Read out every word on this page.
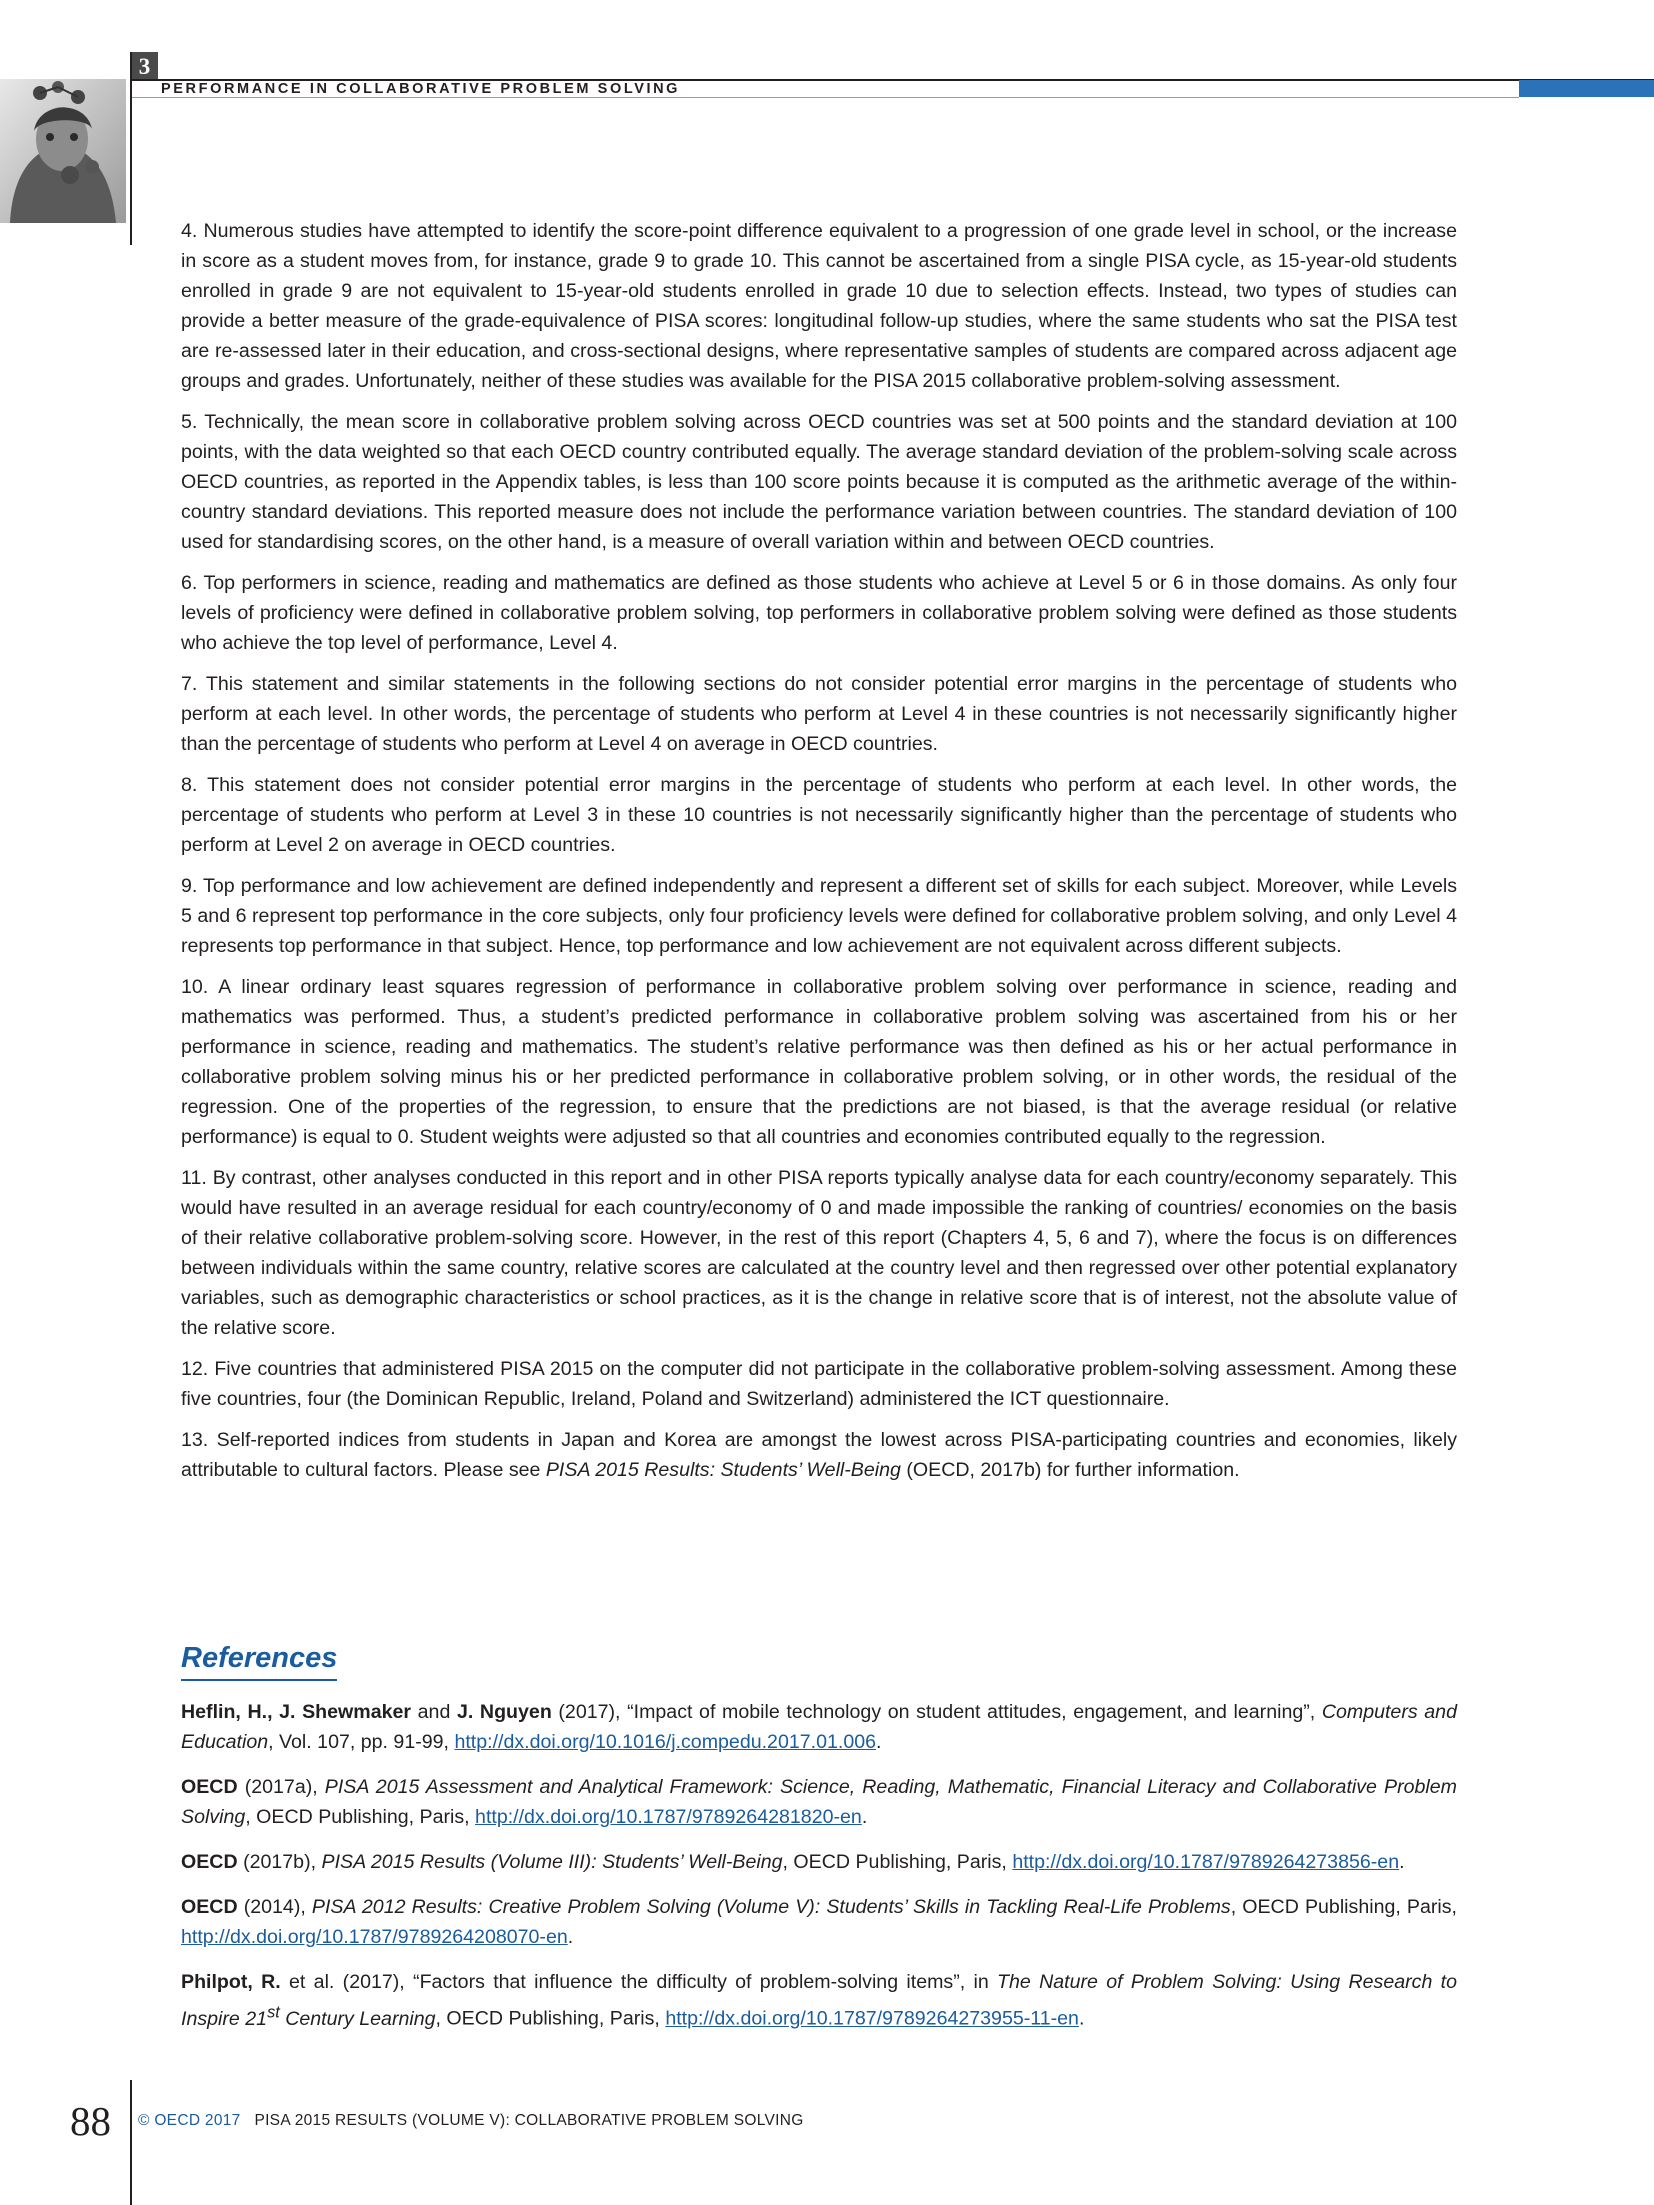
3
PERFORMANCE IN COLLABORATIVE PROBLEM SOLVING

4. Numerous studies have attempted to identify the score-point difference equivalent to a progression of one grade level in school, or the increase in score as a student moves from, for instance, grade 9 to grade 10. This cannot be ascertained from a single PISA cycle, as 15-year-old students enrolled in grade 9 are not equivalent to 15-year-old students enrolled in grade 10 due to selection effects. Instead, two types of studies can provide a better measure of the grade-equivalence of PISA scores: longitudinal follow-up studies, where the same students who sat the PISA test are re-assessed later in their education, and cross-sectional designs, where representative samples of students are compared across adjacent age groups and grades. Unfortunately, neither of these studies was available for the PISA 2015 collaborative problem-solving assessment.

5. Technically, the mean score in collaborative problem solving across OECD countries was set at 500 points and the standard deviation at 100 points, with the data weighted so that each OECD country contributed equally. The average standard deviation of the problem-solving scale across OECD countries, as reported in the Appendix tables, is less than 100 score points because it is computed as the arithmetic average of the within-country standard deviations. This reported measure does not include the performance variation between countries. The standard deviation of 100 used for standardising scores, on the other hand, is a measure of overall variation within and between OECD countries.

6. Top performers in science, reading and mathematics are defined as those students who achieve at Level 5 or 6 in those domains. As only four levels of proficiency were defined in collaborative problem solving, top performers in collaborative problem solving were defined as those students who achieve the top level of performance, Level 4.

7. This statement and similar statements in the following sections do not consider potential error margins in the percentage of students who perform at each level. In other words, the percentage of students who perform at Level 4 in these countries is not necessarily significantly higher than the percentage of students who perform at Level 4 on average in OECD countries.

8. This statement does not consider potential error margins in the percentage of students who perform at each level. In other words, the percentage of students who perform at Level 3 in these 10 countries is not necessarily significantly higher than the percentage of students who perform at Level 2 on average in OECD countries.

9. Top performance and low achievement are defined independently and represent a different set of skills for each subject. Moreover, while Levels 5 and 6 represent top performance in the core subjects, only four proficiency levels were defined for collaborative problem solving, and only Level 4 represents top performance in that subject. Hence, top performance and low achievement are not equivalent across different subjects.

10. A linear ordinary least squares regression of performance in collaborative problem solving over performance in science, reading and mathematics was performed. Thus, a student’s predicted performance in collaborative problem solving was ascertained from his or her performance in science, reading and mathematics. The student’s relative performance was then defined as his or her actual performance in collaborative problem solving minus his or her predicted performance in collaborative problem solving, or in other words, the residual of the regression. One of the properties of the regression, to ensure that the predictions are not biased, is that the average residual (or relative performance) is equal to 0. Student weights were adjusted so that all countries and economies contributed equally to the regression.

11. By contrast, other analyses conducted in this report and in other PISA reports typically analyse data for each country/economy separately. This would have resulted in an average residual for each country/economy of 0 and made impossible the ranking of countries/ economies on the basis of their relative collaborative problem-solving score. However, in the rest of this report (Chapters 4, 5, 6 and 7), where the focus is on differences between individuals within the same country, relative scores are calculated at the country level and then regressed over other potential explanatory variables, such as demographic characteristics or school practices, as it is the change in relative score that is of interest, not the absolute value of the relative score.

12. Five countries that administered PISA 2015 on the computer did not participate in the collaborative problem-solving assessment. Among these five countries, four (the Dominican Republic, Ireland, Poland and Switzerland) administered the ICT questionnaire.

13. Self-reported indices from students in Japan and Korea are amongst the lowest across PISA-participating countries and economies, likely attributable to cultural factors. Please see PISA 2015 Results: Students’ Well-Being (OECD, 2017b) for further information.

References

Heflin, H., J. Shewmaker and J. Nguyen (2017), “Impact of mobile technology on student attitudes, engagement, and learning”, Computers and Education, Vol. 107, pp. 91-99, http://dx.doi.org/10.1016/j.compedu.2017.01.006.

OECD (2017a), PISA 2015 Assessment and Analytical Framework: Science, Reading, Mathematic, Financial Literacy and Collaborative Problem Solving, OECD Publishing, Paris, http://dx.doi.org/10.1787/9789264281820-en.

OECD (2017b), PISA 2015 Results (Volume III): Students’ Well-Being, OECD Publishing, Paris, http://dx.doi.org/10.1787/9789264273856-en.

OECD (2014), PISA 2012 Results: Creative Problem Solving (Volume V): Students’ Skills in Tackling Real-Life Problems, OECD Publishing, Paris, http://dx.doi.org/10.1787/9789264208070-en.

Philpot, R. et al. (2017), “Factors that influence the difficulty of problem-solving items”, in The Nature of Problem Solving: Using Research to Inspire 21st Century Learning, OECD Publishing, Paris, http://dx.doi.org/10.1787/9789264273955-11-en.

88 © OECD 2017 PISA 2015 RESULTS (VOLUME V): COLLABORATIVE PROBLEM SOLVING
